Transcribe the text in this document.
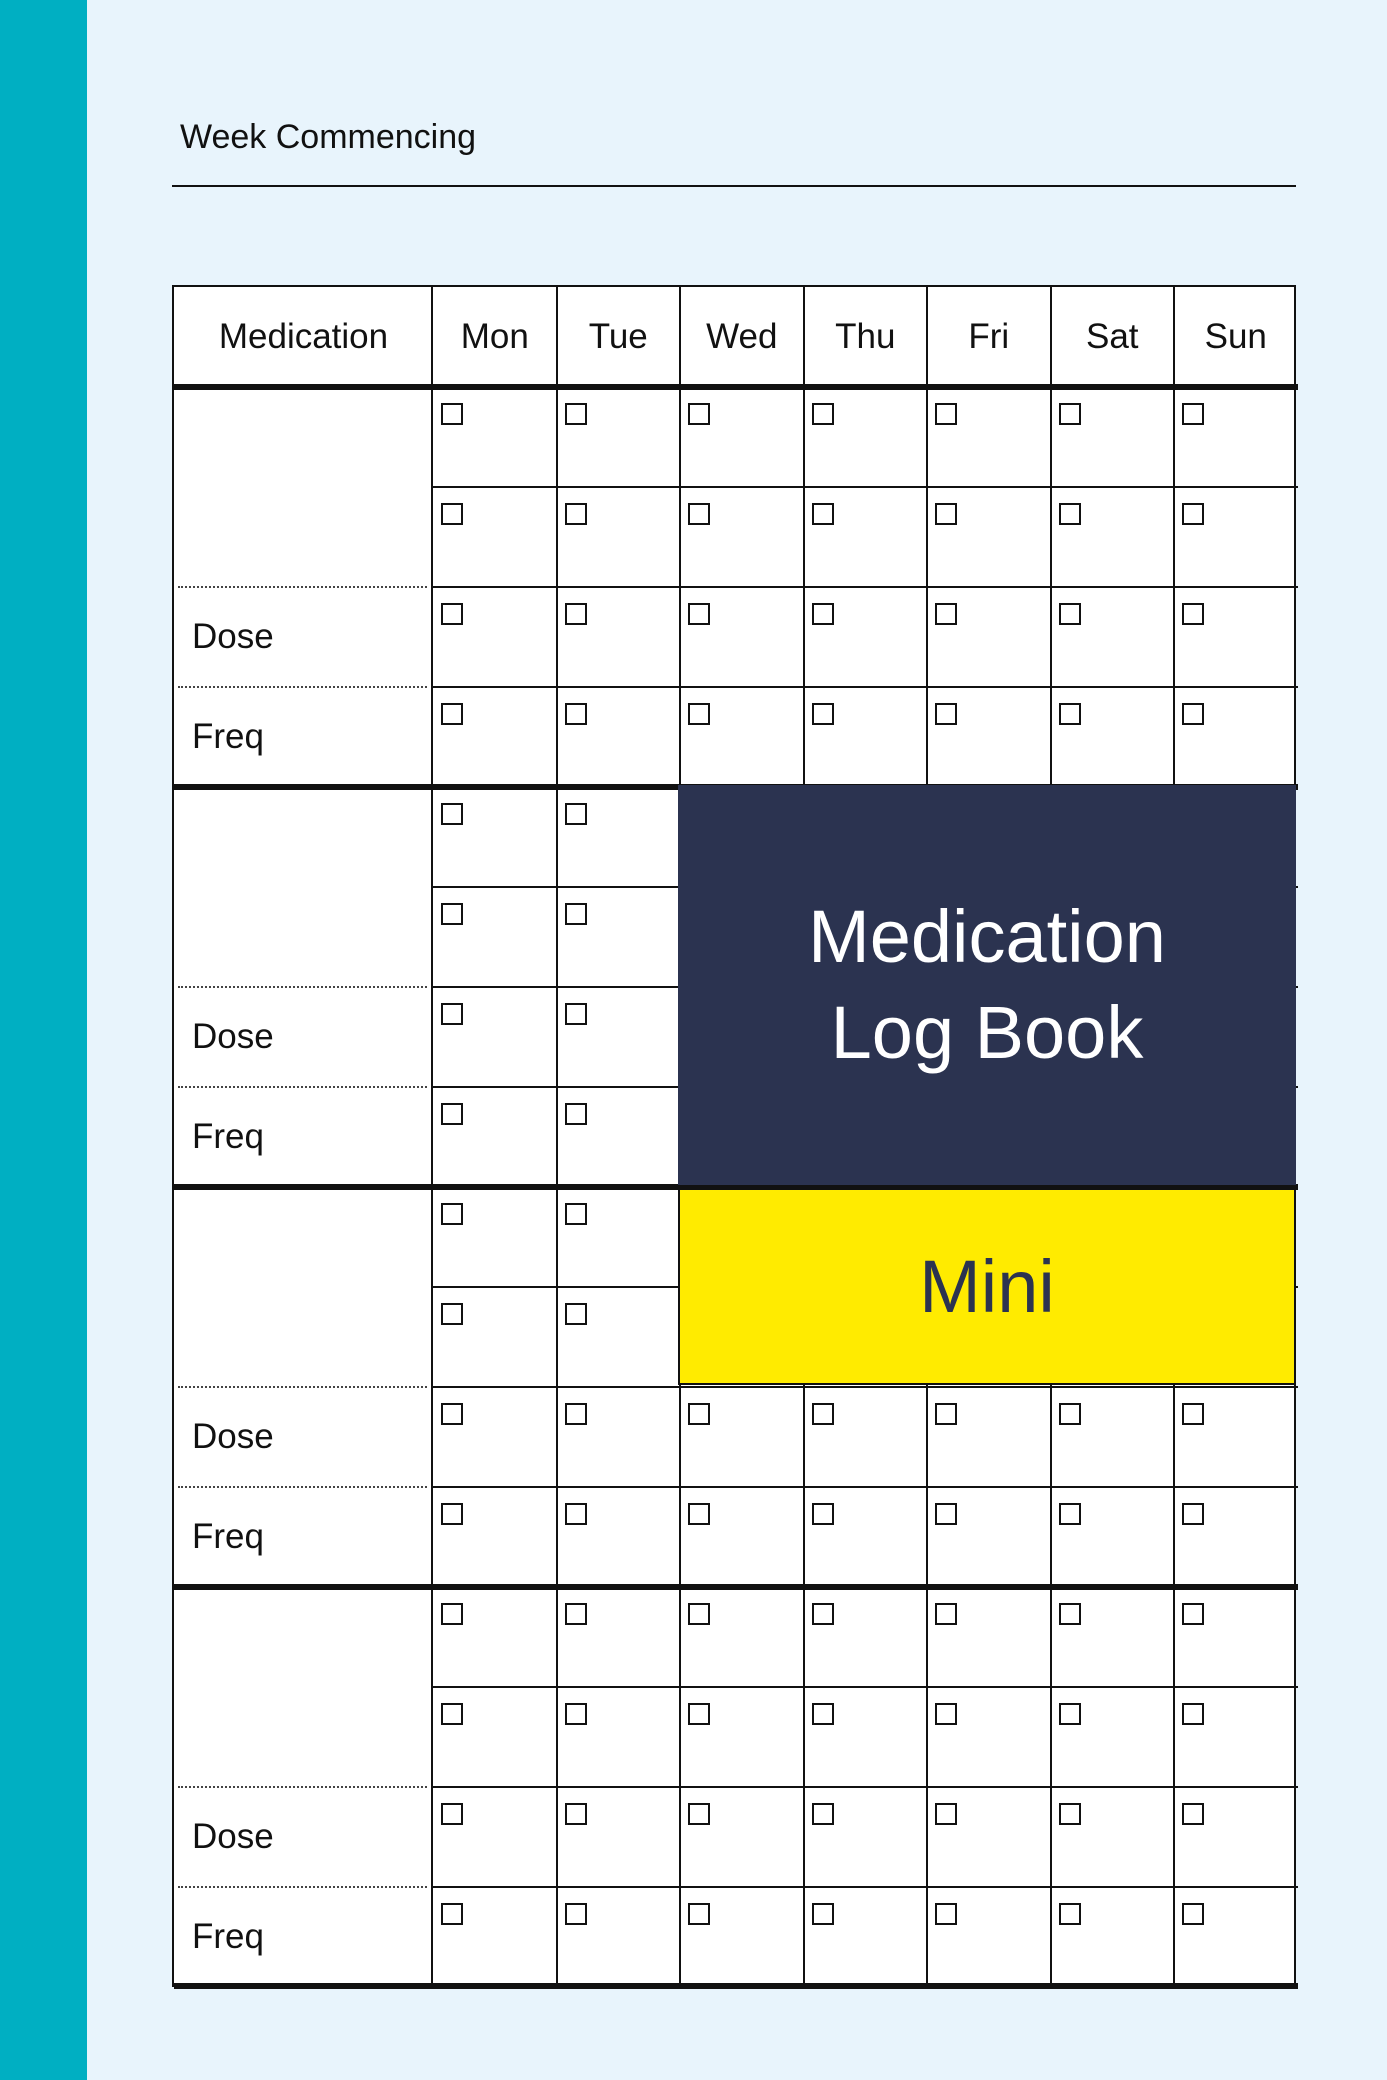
Week Commencing
Medication	Mon	Tue	Wed	Thu	Fri	Sat	Sun
Dose
Freq
Dose
Freq
Dose
Freq
Dose
Freq
Medication
Log Book
Mini
